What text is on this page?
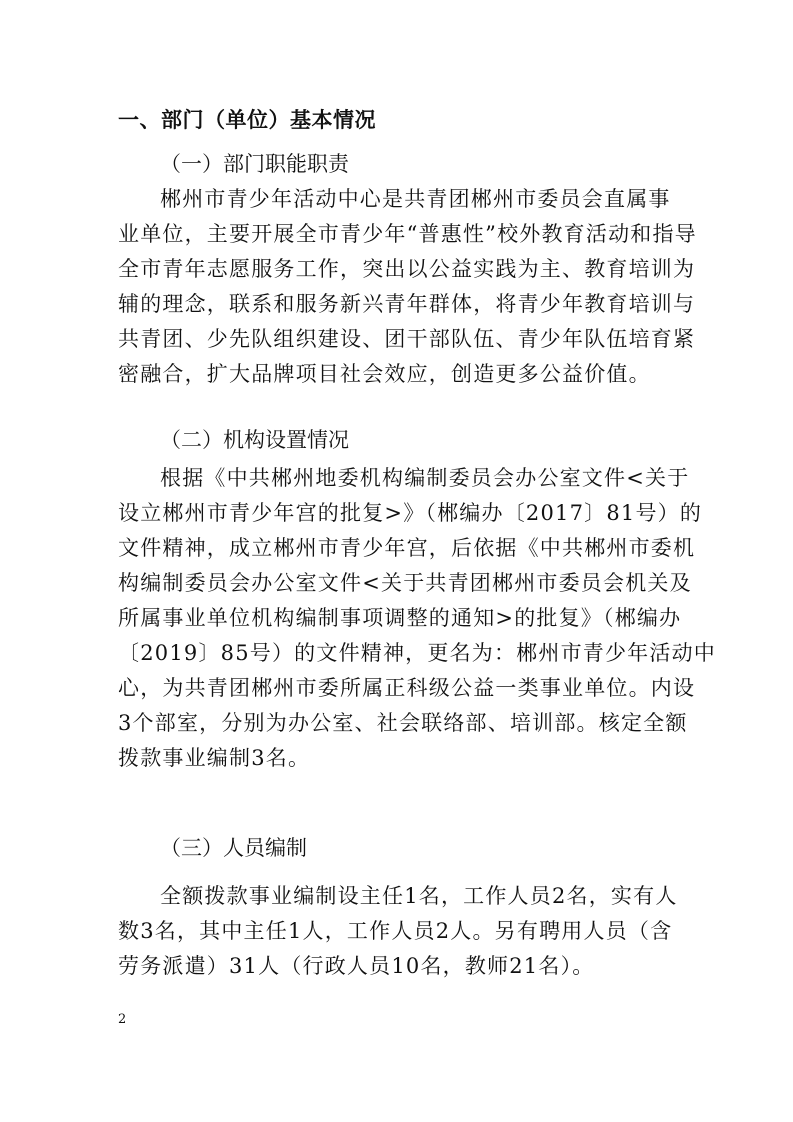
一、部门（单位）基本情况
（一）部门职能职责
郴州市青少年活动中心是共青团郴州市委员会直属事
业单位，主要开展全市青少年“普惠性”校外教育活动和指导
全市青年志愿服务工作，突出以公益实践为主、教育培训为
辅的理念，联系和服务新兴青年群体，将青少年教育培训与
共青团、少先队组织建设、团干部队伍、青少年队伍培育紧
密融合，扩大品牌项目社会效应，创造更多公益价值。
（二）机构设置情况
根据《中共郴州地委机构编制委员会办公室文件<关于
设立郴州市青少年宫的批复>》（郴编办〔2017〕81号）的
文件精神，成立郴州市青少年宫，后依据《中共郴州市委机
构编制委员会办公室文件<关于共青团郴州市委员会机关及
所属事业单位机构编制事项调整的通知>的批复》（郴编办
〔2019〕85号）的文件精神，更名为：郴州市青少年活动中
心，为共青团郴州市委所属正科级公益一类事业单位。内设
3个部室，分别为办公室、社会联络部、培训部。核定全额
拨款事业编制3名。
（三）人员编制
全额拨款事业编制设主任1名，工作人员2名，实有人
数3名，其中主任1人，工作人员2人。另有聘用人员（含
劳务派遣）31人（行政人员10名，教师21名）。
2
